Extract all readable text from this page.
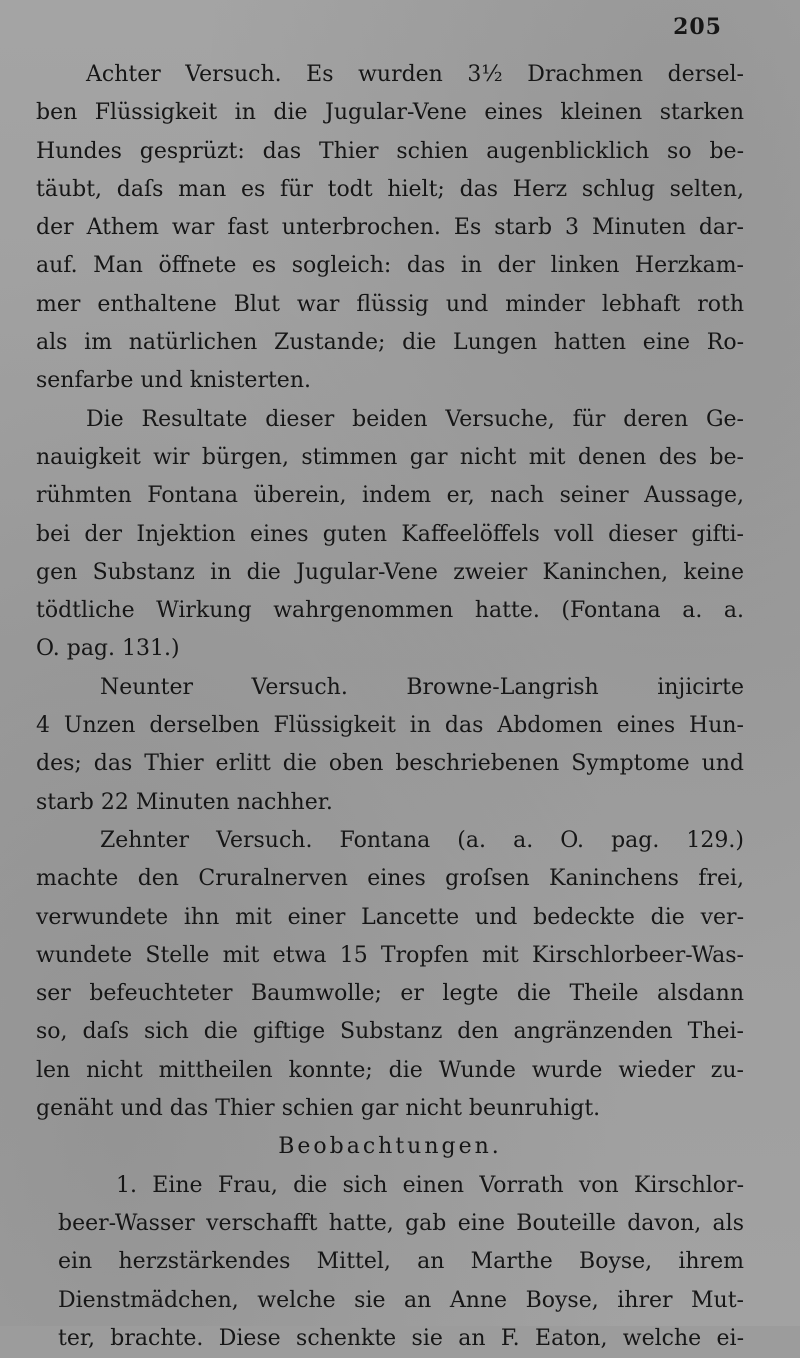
205
Achter Versuch. Es wurden 3½ Drachmen dersel-
ben Flüssigkeit in die Jugular-Vene eines kleinen starken
Hundes gesprüzt: das Thier schien augenblicklich so be-
täubt, daſs man es für todt hielt; das Herz schlug selten,
der Athem war fast unterbrochen. Es starb 3 Minuten dar-
auf. Man öffnete es sogleich: das in der linken Herzkam-
mer enthaltene Blut war flüssig und minder lebhaft roth
als im natürlichen Zustande; die Lungen hatten eine Ro-
senfarbe und knisterten.
Die Resultate dieser beiden Versuche, für deren Ge-
nauigkeit wir bürgen, stimmen gar nicht mit denen des be-
rühmten Fontana überein, indem er, nach seiner Aussage,
bei der Injektion eines guten Kaffeelöffels voll dieser gifti-
gen Substanz in die Jugular-Vene zweier Kaninchen, keine
tödtliche Wirkung wahrgenommen hatte. (Fontana a. a.
O. pag. 131.)
Neunter Versuch. Browne-Langrish injicirte
4 Unzen derselben Flüssigkeit in das Abdomen eines Hun-
des; das Thier erlitt die oben beschriebenen Symptome und
starb 22 Minuten nachher.
Zehnter Versuch. Fontana (a. a. O. pag. 129.)
machte den Cruralnerven eines groſsen Kaninchens frei,
verwundete ihn mit einer Lancette und bedeckte die ver-
wundete Stelle mit etwa 15 Tropfen mit Kirschlorbeer-Was-
ser befeuchteter Baumwolle; er legte die Theile alsdann
so, daſs sich die giftige Substanz den angränzenden Thei-
len nicht mittheilen konnte; die Wunde wurde wieder zu-
genäht und das Thier schien gar nicht beunruhigt.
Beobachtungen.
1. Eine Frau, die sich einen Vorrath von Kirschlor-
beer-Wasser verschafft hatte, gab eine Bouteille davon, als
ein herzstärkendes Mittel, an Marthe Boyse, ihrem
Dienstmädchen, welche sie an Anne Boyse, ihrer Mut-
ter, brachte. Diese schenkte sie an F. Eaton, welche ei-
